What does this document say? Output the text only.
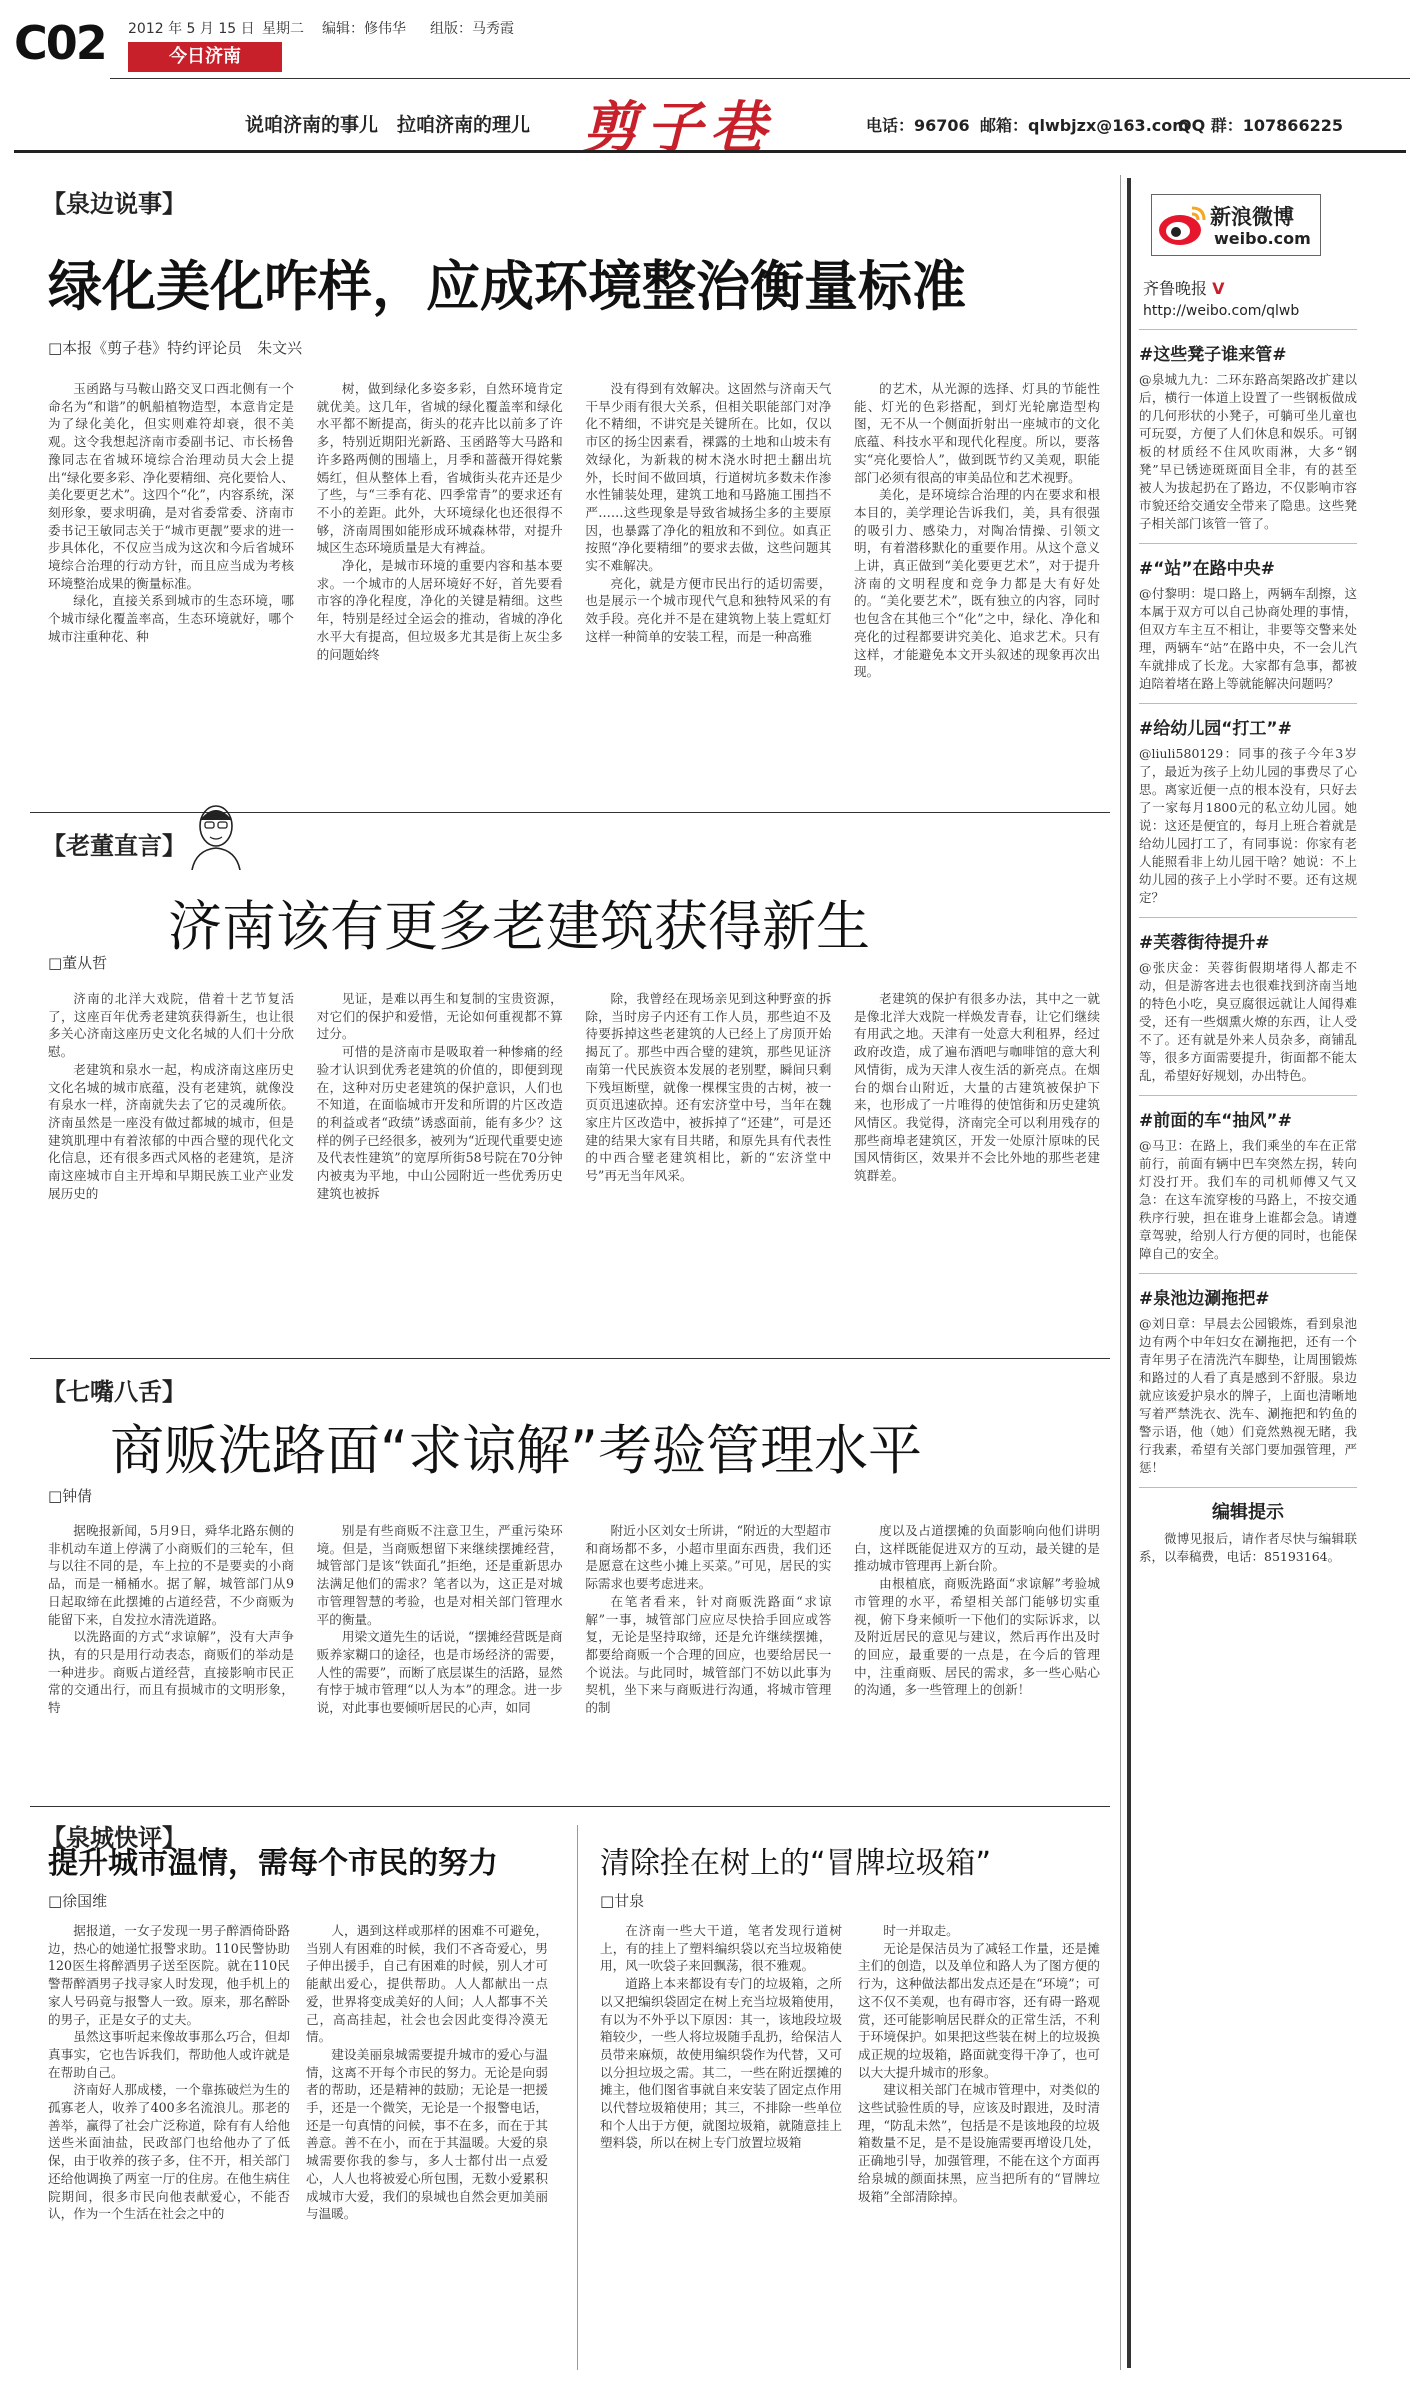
C02 2012 年 5 月 15 日 星期二 编辑：修伟华 组版：马秀霞
今日济南
说咱济南的事儿　拉咱济南的理儿 剪子巷	电话：96706 邮箱：qlwbjzx@163.com
QQ 群：107866225
【泉边说事】
绿化美化咋样，应成环境整治衡量标准
□本报《剪子巷》特约评论员　朱文兴

玉函路与马鞍山路交叉口西北侧有一个命名为“和谐”的帆船植物造型，本意肯定是为了绿化美化，但实则难符却衰，很不美观。这令我想起济南市委副书记、市长杨鲁豫同志在省城环境综合治理动员大会上提出“绿化要多彩、净化要精细、亮化要恰人、美化要更艺术”。这四个“化”，内容系统，深刻形象，要求明确，是对省委常委、济南市委书记王敏同志关于“城市更靓”要求的进一步具体化，不仅应当成为这次和今后省城环境综合治理的行动方针，而且应当成为考核环境整治成果的衡量标准。

绿化，直接关系到城市的生态环境，哪个城市绿化覆盖率高，生态环境就好，哪个城市注重种花、种

树，做到绿化多姿多彩，自然环境肯定就优美。这几年，省城的绿化覆盖率和绿化水平都不断提高，街头的花卉比以前多了许多，特别近期阳光新路、玉函路等大马路和许多路两侧的围墙上，月季和蔷薇开得姹紫嫣红，但从整体上看，省城街头花卉还是少了些，与“三季有花、四季常青”的要求还有不小的差距。此外，大环境绿化也还很得不够，济南周围如能形成环城森林带，对提升城区生态环境质量是大有裨益。

净化，是城市环境的重要内容和基本要求。一个城市的人居环境好不好，首先要看市容的净化程度，净化的关键是精细。这些年，特别是经过全运会的推动，省城的净化水平大有提高，但垃圾多尤其是街上灰尘多的问题始终

没有得到有效解决。这固然与济南天气干旱少雨有很大关系，但相关职能部门对净化不精细，不讲究是关键所在。比如，仅以市区的扬尘因素看，裸露的土地和山坡未有效绿化，为新栽的树木浇水时把土翻出坑外，长时间不做回填，行道树坑多数未作渗水性铺装处理，建筑工地和马路施工围挡不严……这些现象是导致省城扬尘多的主要原因，也暴露了净化的粗放和不到位。如真正按照“净化要精细”的要求去做，这些问题其实不难解决。

亮化，就是方便市民出行的适切需要，也是展示一个城市现代气息和独特风采的有效手段。亮化并不是在建筑物上装上霓虹灯这样一种简单的安装工程，而是一种高雅

的艺术，从光源的选择、灯具的节能性能、灯光的色彩搭配，到灯光轮廓造型构图，无不从一个侧面折射出一座城市的文化底蕴、科技水平和现代化程度。所以，要落实“亮化要恰人”，做到既节约又美观，职能部门必须有很高的审美品位和艺术视野。

美化，是环境综合治理的内在要求和根本目的，美学理论告诉我们，美，具有很强的吸引力、感染力，对陶冶情操、引领文明，有着潜移默化的重要作用。从这个意义上讲，真正做到“美化要更艺术”，对于提升济南的文明程度和竞争力都是大有好处的。“美化要艺术”，既有独立的内容，同时也包含在其他三个“化”之中，绿化、净化和亮化的过程都要讲究美化、追求艺术。只有这样，才能避免本文开头叙述的现象再次出现。

【老董直言】
济南该有更多老建筑获得新生
□董从哲

济南的北洋大戏院，借着十艺节复活了，这座百年优秀老建筑获得新生，也让很多关心济南这座历史文化名城的人们十分欣慰。

老建筑和泉水一起，构成济南这座历史文化名城的城市底蕴，没有老建筑，就像没有泉水一样，济南就失去了它的灵魂所依。济南虽然是一座没有做过都城的城市，但是建筑肌理中有着浓郁的中西合璧的现代化文化信息，还有很多西式风格的老建筑，是济南这座城市自主开埠和早期民族工业产业发展历史的

见证，是难以再生和复制的宝贵资源，对它们的保护和爱惜，无论如何重视都不算过分。

可惜的是济南市是吸取着一种惨痛的经验才认识到优秀老建筑的价值的，即便到现在，这种对历史老建筑的保护意识，人们也不知道，在面临城市开发和所谓的片区改造的利益或者“政绩”诱惑面前，能有多少？这样的例子已经很多，被列为“近现代重要史迹及代表性建筑”的宽厚所街58号院在70分钟内被夷为平地，中山公园附近一些优秀历史建筑也被拆

除，我曾经在现场亲见到这种野蛮的拆除，当时房子内还有工作人员，那些迫不及待要拆掉这些老建筑的人已经上了房顶开始揭瓦了。那些中西合璧的建筑，那些见证济南第一代民族资本发展的老别墅，瞬间只剩下残垣断壁，就像一棵棵宝贵的古树，被一页页迅速砍掉。还有宏济堂中号，当年在魏家庄片区改造中，被拆掉了“还建”，可是还建的结果大家有目共睹，和原先具有代表性的中西合璧老建筑相比，新的“宏济堂中号”再无当年风采。

老建筑的保护有很多办法，其中之一就是像北洋大戏院一样焕发青春，让它们继续有用武之地。天津有一处意大利租界，经过政府改造，成了遍布酒吧与咖啡馆的意大利风情街，成为天津人夜生活的新亮点。在烟台的烟台山附近，大量的古建筑被保护下来，也形成了一片唯得的使馆街和历史建筑风情区。我觉得，济南完全可以利用残存的那些商埠老建筑区，开发一处原汁原味的民国风情街区，效果并不会比外地的那些老建筑群差。

【七嘴八舌】
商贩洗路面“求谅解”考验管理水平
□钟倩

据晚报新闻，5月9日，舜华北路东侧的非机动车道上停满了小商贩们的三轮车，但与以往不同的是，车上拉的不是要卖的小商品，而是一桶桶水。据了解，城管部门从9日起取缔在此摆摊的占道经营，不少商贩为能留下来，自发拉水清洗道路。

以洗路面的方式“求谅解”，没有大声争执，有的只是用行动表态，商贩们的举动是一种进步。商贩占道经营，直接影响市民正常的交通出行，而且有损城市的文明形象，特

别是有些商贩不注意卫生，严重污染环境。但是，当商贩想留下来继续摆摊经营，城管部门是该“铁面孔”拒绝，还是重新思办法满足他们的需求？笔者以为，这正是对城市管理智慧的考验，也是对相关部门管理水平的衡量。

用梁文道先生的话说，“摆摊经营既是商贩养家糊口的途径，也是市场经济的需要，人性的需要”，而断了底层谋生的活路，显然有悖于城市管理“以人为本”的理念。进一步说，对此事也要倾听居民的心声，如同

附近小区刘女士所讲，“附近的大型超市和商场都不多，小超市里面东西贵，我们还是愿意在这些小摊上买菜。”可见，居民的实际需求也要考虑进来。

在笔者看来，针对商贩洗路面“求谅解”一事，城管部门应应尽快拾手回应或答复，无论是坚持取缔，还是允许继续摆摊，都要给商贩一个合理的回应，也要给居民一个说法。与此同时，城管部门不妨以此事为契机，坐下来与商贩进行沟通，将城市管理的制

度以及占道摆摊的负面影响向他们讲明白，这样既能促进双方的互动，最关键的是推动城市管理再上新台阶。

由根植底，商贩洗路面“求谅解”考验城市管理的水平，希望相关部门能够切实重视，俯下身来倾听一下他们的实际诉求，以及附近居民的意见与建议，然后再作出及时的回应，最重要的一点是，在今后的管理中，注重商贩、居民的需求，多一些心贴心的沟通，多一些管理上的创新！

【泉城快评】
提升城市温情，需每个市民的努力
□徐国维

据报道，一女子发现一男子醉酒倚卧路边，热心的她递忙报警求助。110民警协助120医生将醉酒男子送至医院。就在110民警帮醉酒男子找寻家人时发现，他手机上的家人号码竟与报警人一致。原来，那名醉卧的男子，正是女子的丈夫。

虽然这事听起来像故事那么巧合，但却真事实，它也告诉我们，帮助他人或许就是在帮助自己。

济南好人那成楼，一个靠拣破烂为生的孤寡老人，收养了400多名流浪儿。那老的善举，赢得了社会广泛称道，除有有人给他送些米面油盐，民政部门也给他办了了低保，由于收养的孩子多，住不开，相关部门还给他调换了两室一厅的住房。在他生病住院期间，很多市民向他表献爱心，不能否认，作为一个生活在社会之中的

人，遇到这样或那样的困难不可避免，当别人有困难的时候，我们不吝奇爱心，男子伸出援手，自己有困难的时候，别人才可能献出爱心，提供帮助。人人都献出一点爱，世界将变成美好的人间；人人都事不关己，高高挂起，社会也会因此变得冷漠无情。

建设美丽泉城需要提升城市的爱心与温情，这离不开每个市民的努力。无论是向弱者的帮助，还是精神的鼓励；无论是一把援手，还是一个微笑，无论是一个报警电话，还是一句真情的问候，事不在多，而在于其善意。善不在小，而在于其温暖。大爱的泉城需要你我的参与，多人士都付出一点爱心，人人也将被爱心所包围，无数小爱累积成城市大爱，我们的泉城也自然会更加美丽与温暖。

清除拴在树上的“冒牌垃圾箱”
□甘泉

在济南一些大干道，笔者发现行道树上，有的挂上了塑料编织袋以充当垃圾箱使用，风一吹袋子来回飘荡，很不雅观。

道路上本来都设有专门的垃圾箱，之所以又把编织袋固定在树上充当垃圾箱使用，有以为不外乎以下原因：其一，该地段垃圾箱较少，一些人将垃圾随手乱扔，给保洁人员带来麻烦，故使用编织袋作为代替，又可以分担垃圾之需。其二，一些在附近摆摊的摊主，他们图省事就自来安装了固定点作用以代替垃圾箱使用；其三，不排除一些单位和个人出于方便，就图垃圾箱，就随意挂上塑料袋，所以在树上专门放置垃圾箱

时一并取走。

无论是保洁员为了减轻工作量，还是摊主们的创造，以及单位和路人为了图方便的行为，这种做法都出发点还是在“环境”；可这不仅不美观，也有碍市容，还有碍一路观赏，还可能影响居民群众的正常生活，不利于环境保护。如果把这些装在树上的垃圾换成正规的垃圾箱，路面就变得干净了，也可以大大提升城市的形象。

建议相关部门在城市管理中，对类似的这些试验性质的导，应该及时跟进，及时清理，“防乱未然”，包括是不是该地段的垃圾箱数量不足，是不是设施需要再增设几处，正确地引导，加强管理，不能在这个方面再给泉城的颜面抹黑，应当把所有的“冒牌垃圾箱”全部清除掉。

新浪微博
weibo.com
齐鲁晚报 V
http://weibo.com/qlwb

#这些凳子谁来管#

@泉城九九：二环东路高架路改扩建以后，横行一体道上设置了一些钢板做成的几何形状的小凳子，可躺可坐儿童也可玩耍，方便了人们休息和娱乐。可钢板的材质经不住风吹雨淋，大多“钢凳”早已锈迹斑斑面目全非，有的甚至被人为拔起扔在了路边，不仅影响市容市貌还给交通安全带来了隐患。这些凳子相关部门该管一管了。

#“站”在路中央#

@付黎明：堤口路上，两辆车刮擦，这本属于双方可以自己协商处理的事情，但双方车主互不相让，非要等交警来处理，两辆车“站”在路中央，不一会儿汽车就排成了长龙。大家都有急事，都被迫陪着堵在路上等就能解决问题吗？

#给幼儿园“打工”#

@liuli580129：同事的孩子今年3岁了，最近为孩子上幼儿园的事费尽了心思。离家近便一点的根本没有，只好去了一家每月1800元的私立幼儿园。她说：这还是便宜的，每月上班合着就是给幼儿园打工了，有同事说：你家有老人能照看非上幼儿园干啥？她说：不上幼儿园的孩子上小学时不要。还有这规定？

#芙蓉街待提升#

@张庆金：芙蓉街假期堵得人都走不动，但是游客进去也很难找到济南当地的特色小吃，臭豆腐很远就让人闻得难受，还有一些烟熏火燎的东西，让人受不了。还有就是外来人员杂多，商铺乱等，很多方面需要提升，街面都不能太乱，希望好好规划，办出特色。

#前面的车“抽风”#

@马卫：在路上，我们乘坐的车在正常前行，前面有辆中巴车突然左拐，转向灯没打开。我们车的司机师傅又气又急：在这车流穿梭的马路上，不按交通秩序行驶，担在谁身上谁都会急。请遵章驾驶，给别人行方便的同时，也能保障自己的安全。

#泉池边涮拖把#

@刘日章：早晨去公园锻炼，看到泉池边有两个中年妇女在涮拖把，还有一个青年男子在清洗汽车脚垫，让周围锻炼和路过的人看了真是感到不舒服。泉边就应该爱护泉水的牌子，上面也清晰地写着严禁洗衣、洗车、涮拖把和钓鱼的警示语，他（她）们竟然熟视无睹，我行我素，希望有关部门要加强管理，严惩！

编辑提示

微博见报后，请作者尽快与编辑联系，以奉稿费，电话：85193164。
